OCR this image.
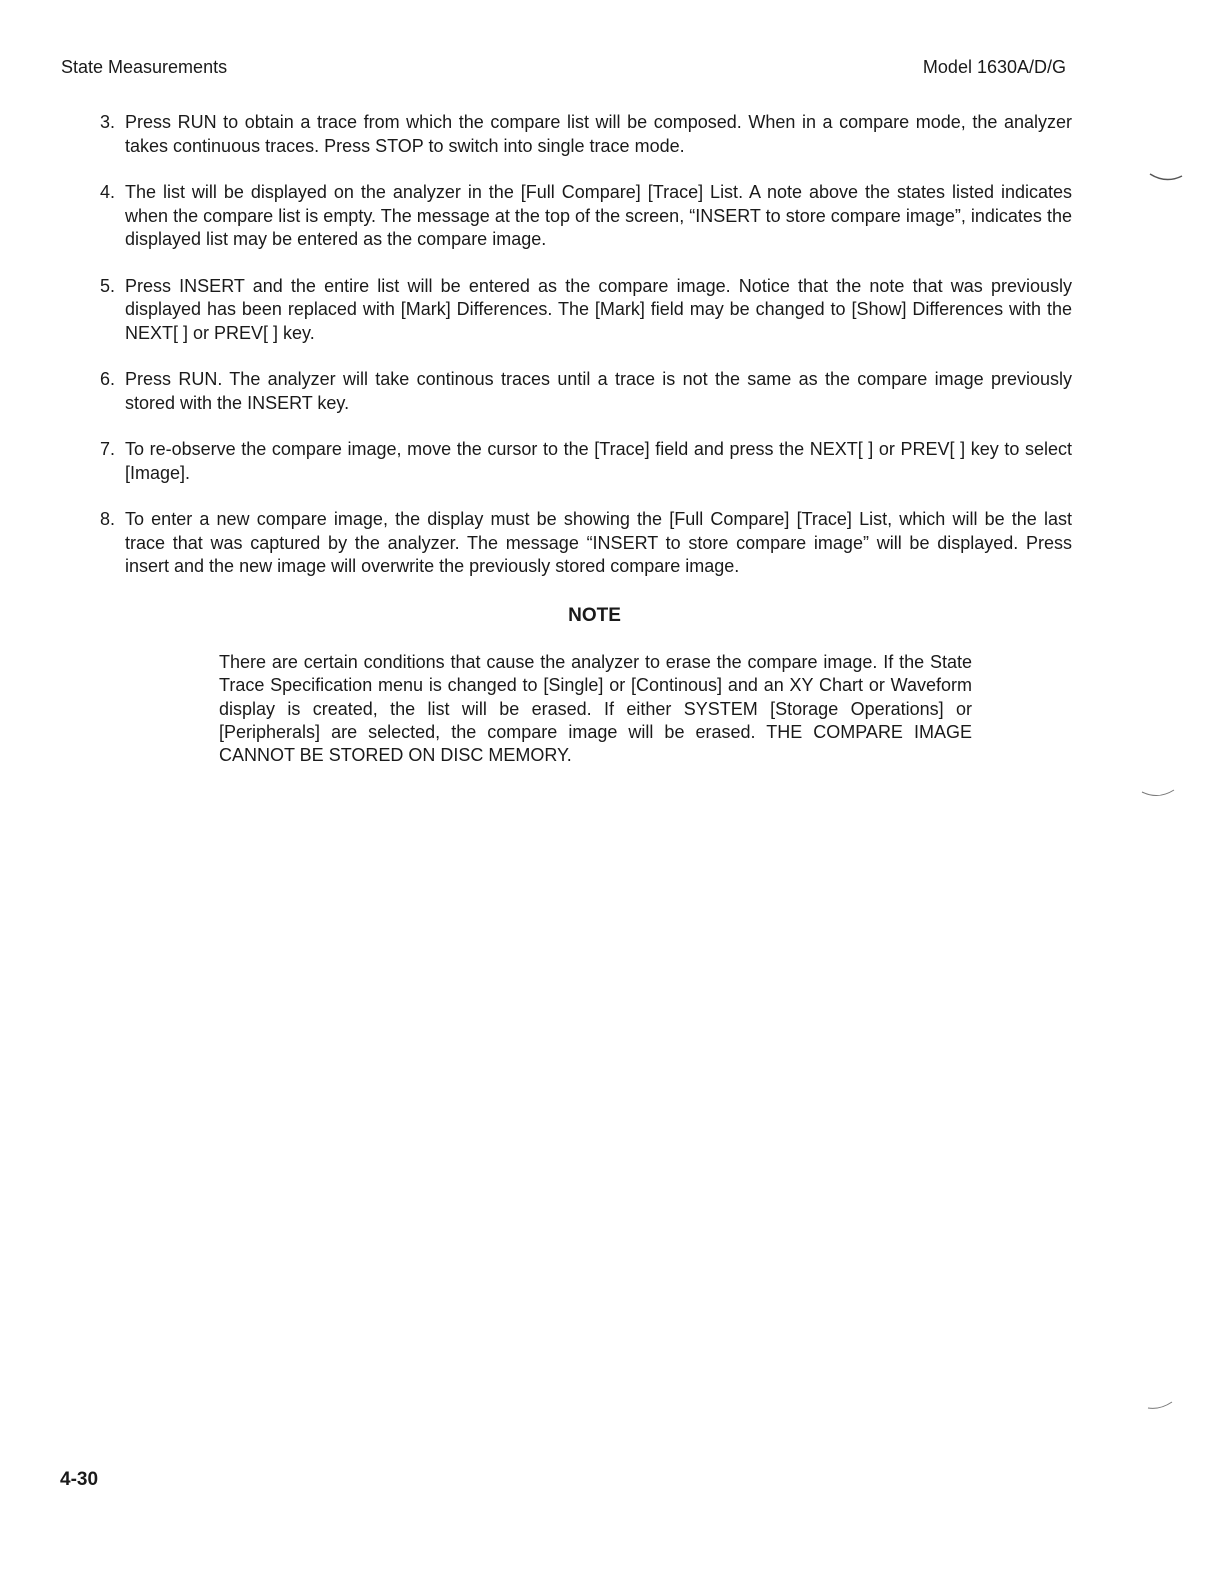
State Measurements	Model 1630A/D/G
3. Press RUN to obtain a trace from which the compare list will be composed. When in a compare mode, the analyzer takes continuous traces. Press STOP to switch into single trace mode.
4. The list will be displayed on the analyzer in the [Full Compare] [Trace] List. A note above the states listed indicates when the compare list is empty. The message at the top of the screen, “INSERT to store compare image”, indicates the displayed list may be entered as the compare image.
5. Press INSERT and the entire list will be entered as the compare image. Notice that the note that was previously displayed has been replaced with [Mark] Differences. The [Mark] field may be changed to [Show] Differences with the NEXT[ ] or PREV[ ] key.
6. Press RUN. The analyzer will take continous traces until a trace is not the same as the compare image previously stored with the INSERT key.
7. To re-observe the compare image, move the cursor to the [Trace] field and press the NEXT[ ] or PREV[ ] key to select [Image].
8. To enter a new compare image, the display must be showing the [Full Compare] [Trace] List, which will be the last trace that was captured by the analyzer. The message “INSERT to store compare image” will be displayed. Press insert and the new image will overwrite the previously stored compare image.
NOTE

There are certain conditions that cause the analyzer to erase the compare image. If the State Trace Specification menu is changed to [Single] or [Continous] and an XY Chart or Waveform display is created, the list will be erased. If either SYSTEM [Storage Operations] or [Peripherals] are selected, the compare image will be erased. THE COMPARE IMAGE CANNOT BE STORED ON DISC MEMORY.

4-30
